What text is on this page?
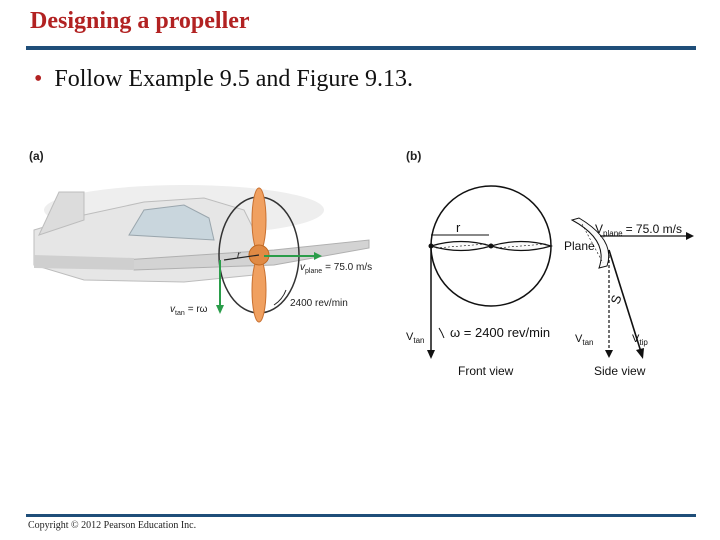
Designing a propeller
• Follow Example 9.5 and Figure 9.13.
(a)	(b)
r
$v_{plane} = 75.0$ m/s
2400 rev/min
$v_{tan} = r\omega$
r
$V_{tan}$
ω = 2400 rev/min
Front view
Plane
$V_{plane} = 75.0$ m/s
$V_{tan}$	$V_{tip}$
S
Side view
Copyright © 2012 Pearson Education Inc.
